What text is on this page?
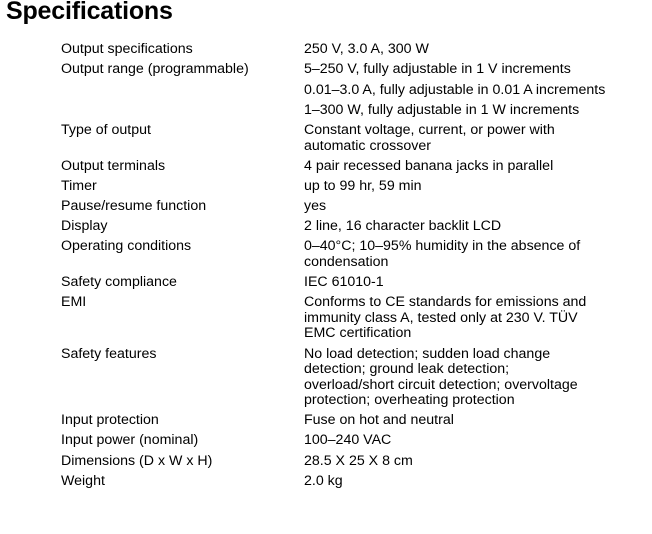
Specifications
Output specifications	250 V, 3.0 A, 300 W
Output range (programmable)	5–250 V, fully adjustable in 1 V increments
0.01–3.0 A, fully adjustable in 0.01 A increments
1–300 W, fully adjustable in 1 W increments
Type of output	Constant voltage, current, or power with
automatic crossover
Output terminals	4 pair recessed banana jacks in parallel
Timer	up to 99 hr, 59 min
Pause/resume function	yes
Display	2 line, 16 character backlit LCD
Operating conditions	0–40°C; 10–95% humidity in the absence of
condensation
Safety compliance	IEC 61010-1
EMI	Conforms to CE standards for emissions and
immunity class A, tested only at 230 V. TÜV
EMC certification
Safety features	No load detection; sudden load change
detection; ground leak detection;
overload/short circuit detection; overvoltage
protection; overheating protection
Input protection	Fuse on hot and neutral
Input power (nominal)	100–240 VAC
Dimensions (D x W x H)	28.5 X 25 X 8 cm
Weight	2.0 kg
